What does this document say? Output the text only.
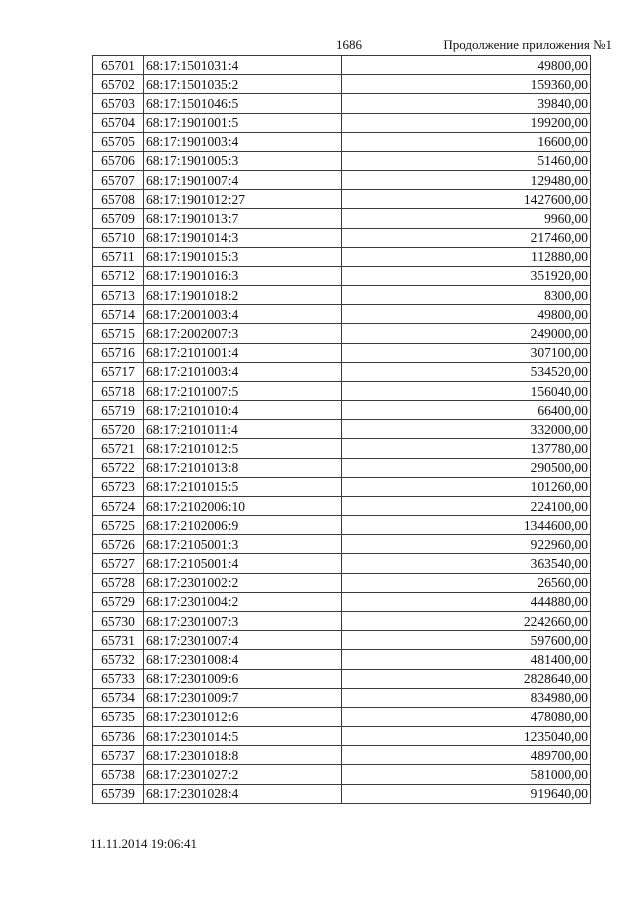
1686	Продолжение приложения №1
65701	68:17:1501031:4	49800,00
65702	68:17:1501035:2	159360,00
65703	68:17:1501046:5	39840,00
65704	68:17:1901001:5	199200,00
65705	68:17:1901003:4	16600,00
65706	68:17:1901005:3	51460,00
65707	68:17:1901007:4	129480,00
65708	68:17:1901012:27	1427600,00
65709	68:17:1901013:7	9960,00
65710	68:17:1901014:3	217460,00
65711	68:17:1901015:3	112880,00
65712	68:17:1901016:3	351920,00
65713	68:17:1901018:2	8300,00
65714	68:17:2001003:4	49800,00
65715	68:17:2002007:3	249000,00
65716	68:17:2101001:4	307100,00
65717	68:17:2101003:4	534520,00
65718	68:17:2101007:5	156040,00
65719	68:17:2101010:4	66400,00
65720	68:17:2101011:4	332000,00
65721	68:17:2101012:5	137780,00
65722	68:17:2101013:8	290500,00
65723	68:17:2101015:5	101260,00
65724	68:17:2102006:10	224100,00
65725	68:17:2102006:9	1344600,00
65726	68:17:2105001:3	922960,00
65727	68:17:2105001:4	363540,00
65728	68:17:2301002:2	26560,00
65729	68:17:2301004:2	444880,00
65730	68:17:2301007:3	2242660,00
65731	68:17:2301007:4	597600,00
65732	68:17:2301008:4	481400,00
65733	68:17:2301009:6	2828640,00
65734	68:17:2301009:7	834980,00
65735	68:17:2301012:6	478080,00
65736	68:17:2301014:5	1235040,00
65737	68:17:2301018:8	489700,00
65738	68:17:2301027:2	581000,00
65739	68:17:2301028:4	919640,00
11.11.2014 19:06:41
